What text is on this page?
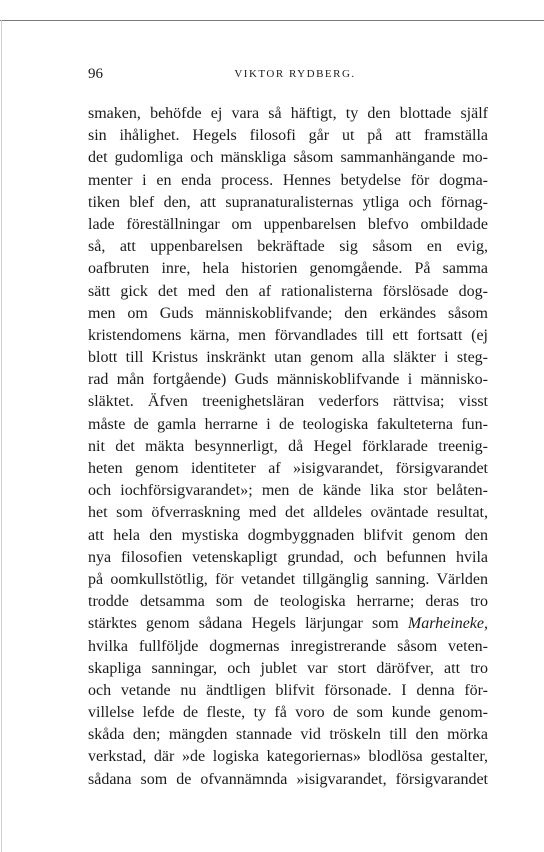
96	VIKTOR RYDBERG.
smaken, behöfde ej vara så häftigt, ty den blottade själf
sin ihålighet. Hegels filosofi går ut på att framställa
det gudomliga och mänskliga såsom sammanhängande mo-
menter i en enda process. Hennes betydelse för dogma-
tiken blef den, att supranaturalisternas ytliga och förnag-
lade föreställningar om uppenbarelsen blefvo ombildade
så, att uppenbarelsen bekräftade sig såsom en evig,
oafbruten inre, hela historien genomgående. På samma
sätt gick det med den af rationalisterna förslösade dog-
men om Guds människoblifvande; den erkändes såsom
kristendomens kärna, men förvandlades till ett fortsatt (ej
blott till Kristus inskränkt utan genom alla släkter i steg-
rad mån fortgående) Guds människoblifvande i människo-
släktet. Äfven treenighetsläran vederfors rättvisa; visst
måste de gamla herrarne i de teologiska fakulteterna fun-
nit det mäkta besynnerligt, då Hegel förklarade treenig-
heten genom identiteter af »isigvarandet, försigvarandet
och iochförsigvarandet»; men de kände lika stor belåten-
het som öfverraskning med det alldeles oväntade resultat,
att hela den mystiska dogmbyggnaden blifvit genom den
nya filosofien vetenskapligt grundad, och befunnen hvila
på oomkullstötlig, för vetandet tillgänglig sanning. Världen
trodde detsamma som de teologiska herrarne; deras tro
stärktes genom sådana Hegels lärjungar som Marheineke,
hvilka fullföljde dogmernas inregistrerande såsom veten-
skapliga sanningar, och jublet var stort däröfver, att tro
och vetande nu ändtligen blifvit försonade. I denna för-
villelse lefde de fleste, ty få voro de som kunde genom-
skåda den; mängden stannade vid tröskeln till den mörka
verkstad, där »de logiska kategoriernas» blodlösa gestalter,
sådana som de ofvannämnda »isigvarandet, försigvarandet
